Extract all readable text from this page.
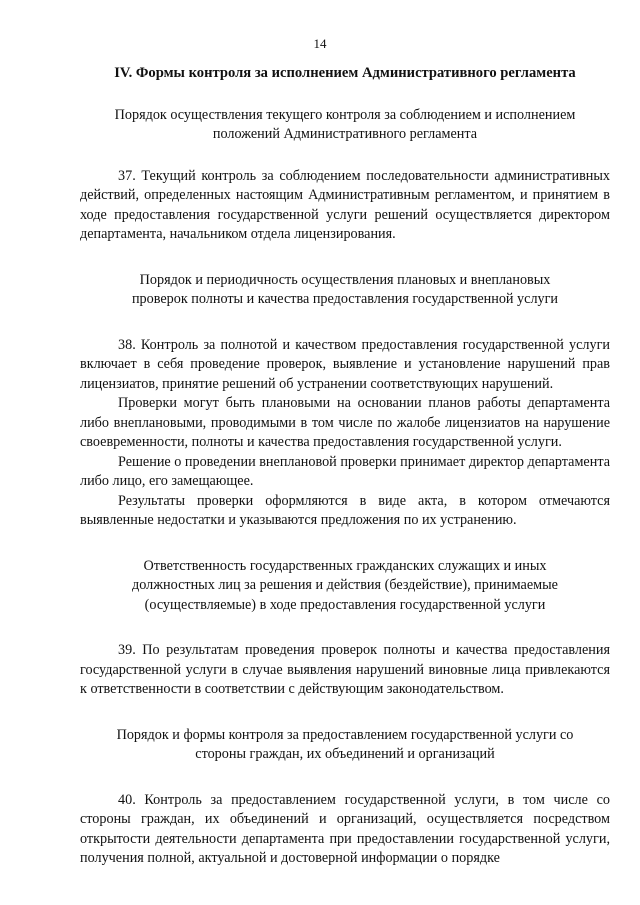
14
IV. Формы контроля за исполнением Административного регламента
Порядок осуществления текущего контроля за соблюдением и исполнением положений Административного регламента

37. Текущий контроль за соблюдением последовательности административных действий, определенных настоящим Административным регламентом, и принятием в ходе предоставления государственной услуги решений осуществляется директором департамента, начальником отдела лицензирования.

Порядок и периодичность осуществления плановых и внеплановых проверок полноты и качества предоставления государственной услуги

38. Контроль за полнотой и качеством предоставления государственной услуги включает в себя проведение проверок, выявление и установление нарушений прав лицензиатов, принятие решений об устранении соответствующих нарушений.

Проверки могут быть плановыми на основании планов работы департамента либо внеплановыми, проводимыми в том числе по жалобе лицензиатов на нарушение своевременности, полноты и качества предоставления государственной услуги.

Решение о проведении внеплановой проверки принимает директор департамента либо лицо, его замещающее.

Результаты проверки оформляются в виде акта, в котором отмечаются выявленные недостатки и указываются предложения по их устранению.

Ответственность государственных гражданских служащих и иных должностных лиц за решения и действия (бездействие), принимаемые (осуществляемые) в ходе предоставления государственной услуги

39. По результатам проведения проверок полноты и качества предоставления государственной услуги в случае выявления нарушений виновные лица привлекаются к ответственности в соответствии с действующим законодательством.

Порядок и формы контроля за предоставлением государственной услуги со стороны граждан, их объединений и организаций

40. Контроль за предоставлением государственной услуги, в том числе со стороны граждан, их объединений и организаций, осуществляется посредством открытости деятельности департамента при предоставлении государственной услуги, получения полной, актуальной и достоверной информации о порядке
